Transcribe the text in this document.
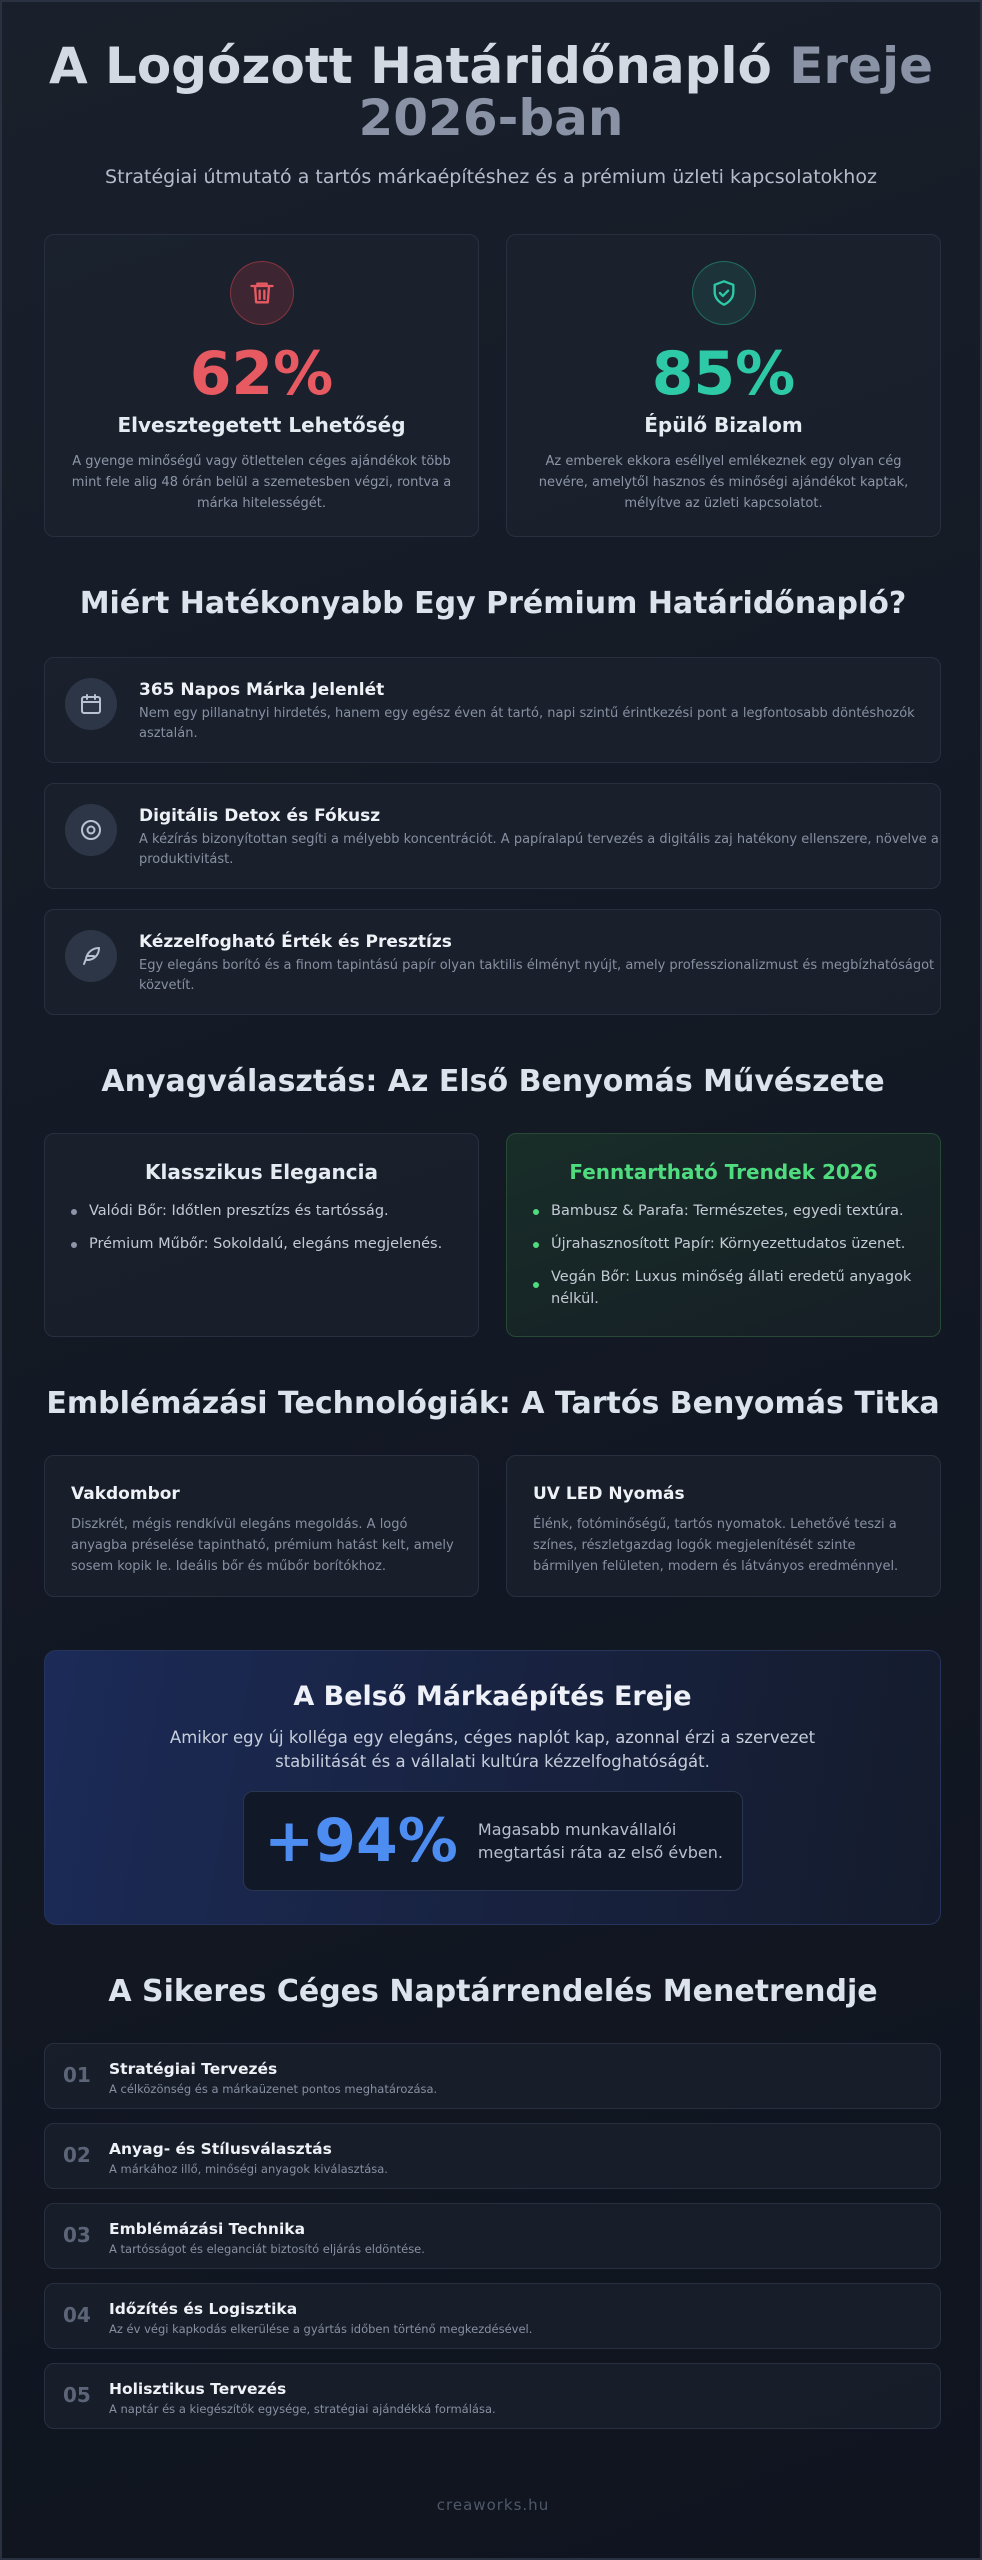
A Logózott Határidőnapló Ereje
2026-ban

Stratégiai útmutató a tartós márkaépítéshez és a prémium üzleti kapcsolatokhoz

62%
Elvesztegetett Lehetőség
A gyenge minőségű vagy ötlettelen céges ajándékok több mint fele alig 48 órán belül a szemetesben végzi, rontva a márka hitelességét.
85%
Épülő Bizalom
Az emberek ekkora eséllyel emlékeznek egy olyan cég nevére, amelytől hasznos és minőségi ajándékot kaptak, mélyítve az üzleti kapcsolatot.
Miért Hatékonyabb Egy Prémium Határidőnapló?
365 Napos Márka Jelenlét
Nem egy pillanatnyi hirdetés, hanem egy egész éven át tartó, napi szintű érintkezési pont a legfontosabb döntéshozók asztalán.
Digitális Detox és Fókusz
A kézírás bizonyítottan segíti a mélyebb koncentrációt. A papíralapú tervezés a digitális zaj hatékony ellenszere, növelve a produktivitást.
Kézzelfogható Érték és Presztízs
Egy elegáns borító és a finom tapintású papír olyan taktilis élményt nyújt, amely professzionalizmust és megbízhatóságot közvetít.
Anyagválasztás: Az Első Benyomás Művészete
Klasszikus Elegancia
Valódi Bőr: Időtlen presztízs és tartósság.
Prémium Műbőr: Sokoldalú, elegáns megjelenés.
Fenntartható Trendek 2026
Bambusz & Parafa: Természetes, egyedi textúra.
Újrahasznosított Papír: Környezettudatos üzenet.
Vegán Bőr: Luxus minőség állati eredetű anyagok nélkül.
Emblémázási Technológiák: A Tartós Benyomás Titka
Vakdombor
Diszkrét, mégis rendkívül elegáns megoldás. A logó anyagba préselése tapintható, prémium hatást kelt, amely sosem kopik le. Ideális bőr és műbőr borítókhoz.
UV LED Nyomás
Élénk, fotóminőségű, tartós nyomatok. Lehetővé teszi a színes, részletgazdag logók megjelenítését szinte bármilyen felületen, modern és látványos eredménnyel.
A Belső Márkaépítés Ereje
Amikor egy új kolléga egy elegáns, céges naplót kap, azonnal érzi a szervezet stabilitását és a vállalati kultúra kézzelfoghatóságát.
+94% Magasabb munkavállalói megtartási ráta az első évben.
A Sikeres Céges Naptárrendelés Menetrendje
01	Stratégiai Tervezés
A célközönség és a márkaüzenet pontos meghatározása.
02	Anyag- és Stílusválasztás
A márkához illő, minőségi anyagok kiválasztása.
03	Emblémázási Technika
A tartósságot és eleganciát biztosító eljárás eldöntése.
04	Időzítés és Logisztika
Az év végi kapkodás elkerülése a gyártás időben történő megkezdésével.
05	Holisztikus Tervezés
A naptár és a kiegészítők egysége, stratégiai ajándékká formálása.
creaworks.hu
